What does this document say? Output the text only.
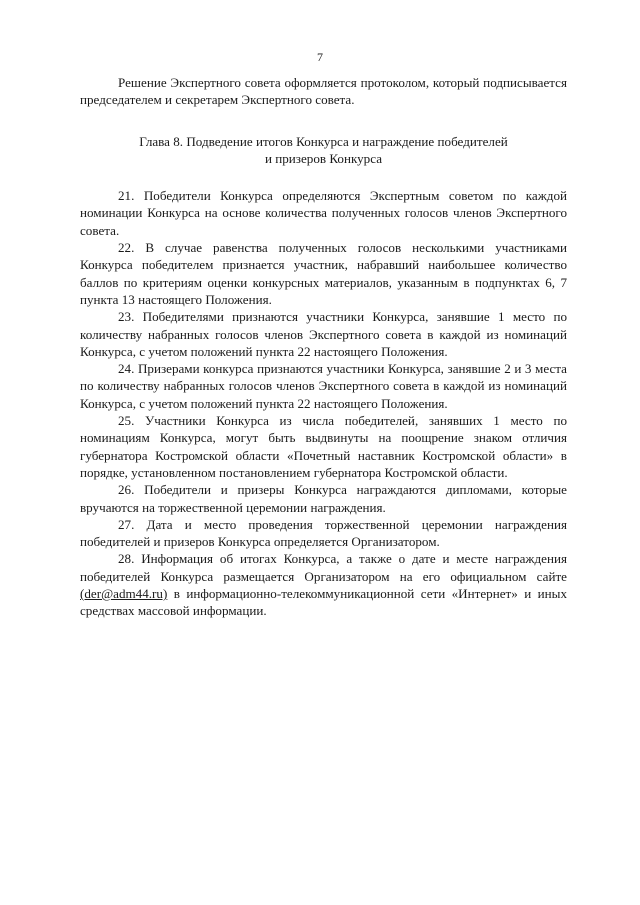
7

Решение Экспертного совета оформляется протоколом, который подписывается председателем и секретарем Экспертного совета.

Глава 8. Подведение итогов Конкурса и награждение победителей
и призеров Конкурса

21. Победители Конкурса определяются Экспертным советом по каждой номинации Конкурса на основе количества полученных голосов членов Экспертного совета.

22. В случае равенства полученных голосов несколькими участниками Конкурса победителем признается участник, набравший наибольшее количество баллов по критериям оценки конкурсных материалов, указанным в подпунктах 6, 7 пункта 13 настоящего Положения.

23. Победителями признаются участники Конкурса, занявшие 1 место по количеству набранных голосов членов Экспертного совета в каждой из номинаций Конкурса, с учетом положений пункта 22 настоящего Положения.

24. Призерами конкурса признаются участники Конкурса, занявшие 2 и 3 места по количеству набранных голосов членов Экспертного совета в каждой из номинаций Конкурса, с учетом положений пункта 22 настоящего Положения.

25. Участники Конкурса из числа победителей, занявших 1 место по номинациям Конкурса, могут быть выдвинуты на поощрение знаком отличия губернатора Костромской области «Почетный наставник Костромской области» в порядке, установленном постановлением губернатора Костромской области.

26. Победители и призеры Конкурса награждаются дипломами, которые вручаются на торжественной церемонии награждения.

27. Дата и место проведения торжественной церемонии награждения победителей и призеров Конкурса определяется Организатором.

28. Информация об итогах Конкурса, а также о дате и месте награждения победителей Конкурса размещается Организатором на его официальном сайте (der@adm44.ru) в информационно-телекоммуникационной сети «Интернет» и иных средствах массовой информации.
